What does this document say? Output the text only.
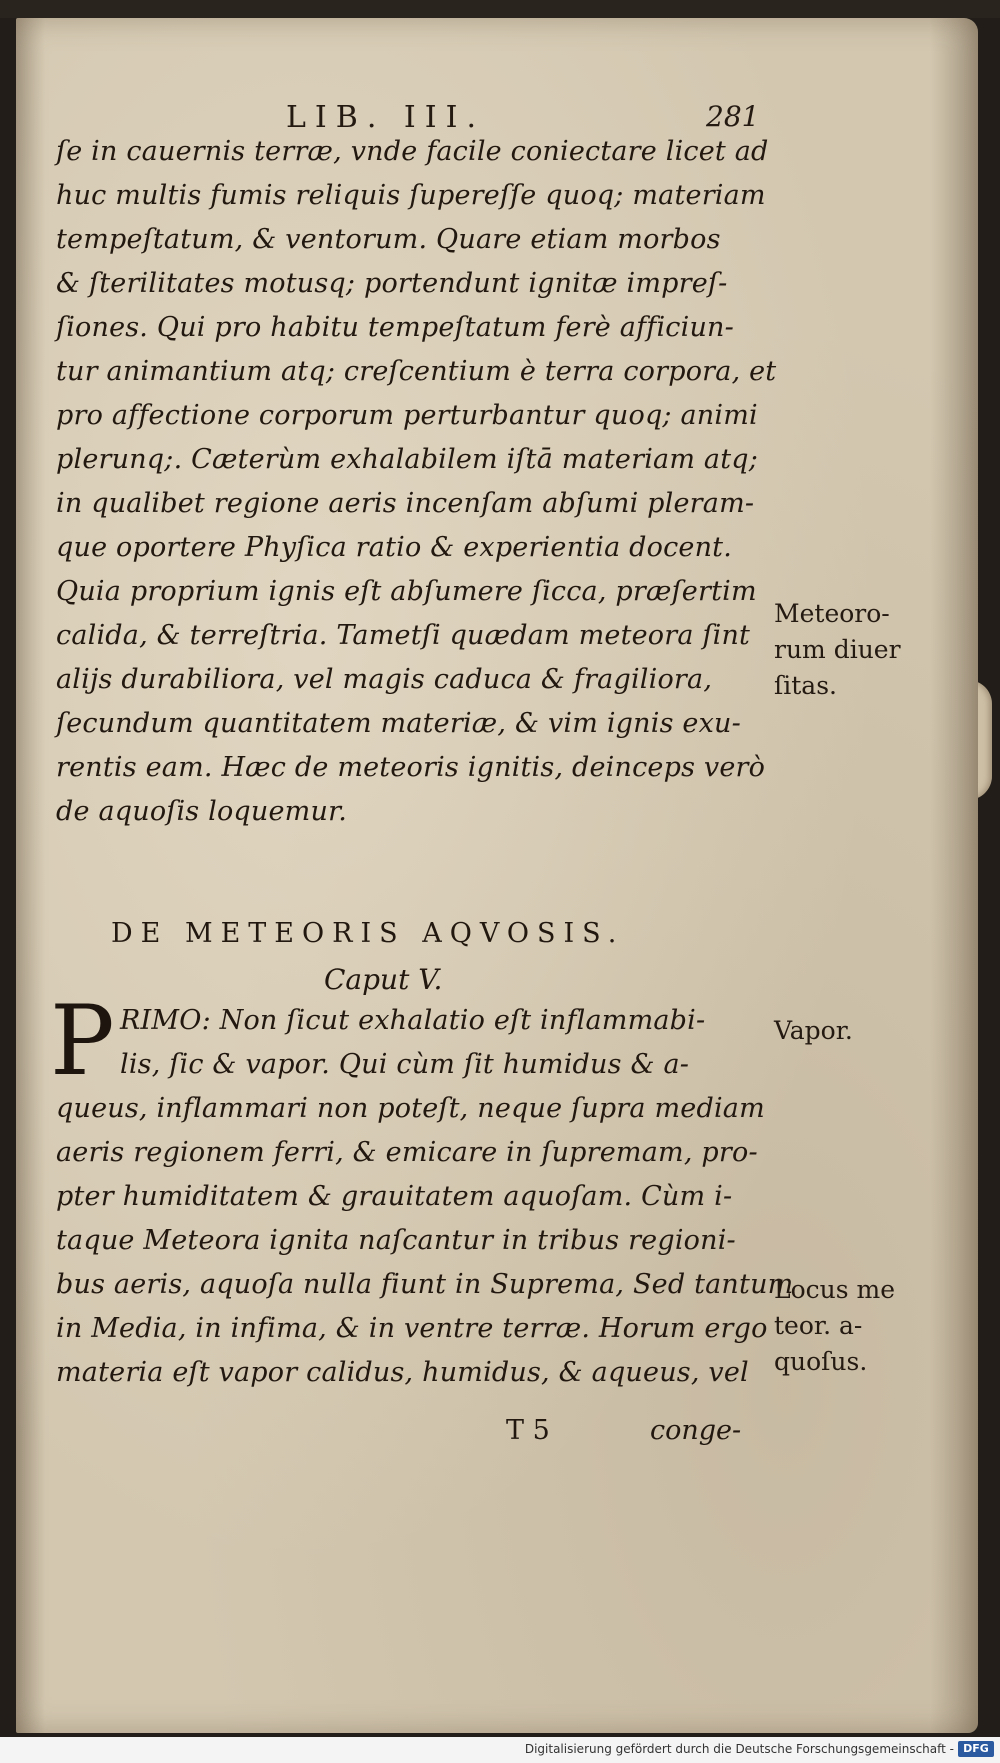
LIB. III.	281
ſe in cauernis terræ, vnde facile coniectare licet ad
huc multis fumis reliquis ſupereſſe quoq; materiam
tempeſtatum, & ventorum. Quare etiam morbos
& ſterilitates motusq; portendunt ignitæ impreſ-
ſiones. Qui pro habitu tempeſtatum ferè afficiun-
tur animantium atq; creſcentium è terra corpora, et
pro affectione corporum perturbantur quoq; animi
plerunq;. Cæterùm exhalabilem iſtā materiam atq;
in qualibet regione aeris incenſam abſumi pleram-
que oportere Phyſica ratio & experientia docent.
Quia proprium ignis eſt abſumere ſicca, præſertim
calida, & terreſtria. Tametſi quædam meteora ſint
alijs durabiliora, vel magis caduca & fragiliora,
ſecundum quantitatem materiæ, & vim ignis exu-
rentis eam. Hæc de meteoris ignitis, deinceps verò
de aquoſis loquemur.
DE METEORIS AQVOSIS.
Caput V.
P RIMO: Non ſicut exhalatio eſt inflammabi-
lis, ſic & vapor. Qui cùm ſit humidus & a-
queus, inflammari non poteſt, neque ſupra mediam
aeris regionem ferri, & emicare in ſupremam, pro-
pter humiditatem & grauitatem aquoſam. Cùm i-
taque Meteora ignita naſcantur in tribus regioni-
bus aeris, aquoſa nulla fiunt in Suprema, Sed tantum
in Media, in infima, & in ventre terræ. Horum ergo
materia eſt vapor calidus, humidus, & aqueus, vel
T 5	conge-
Meteoro-
rum diuer
ſitas.
Vapor.
Locus me
teor. a-
quoſus.
Digitalisierung gefördert durch die Deutsche Forschungsgemeinschaft - DFG
